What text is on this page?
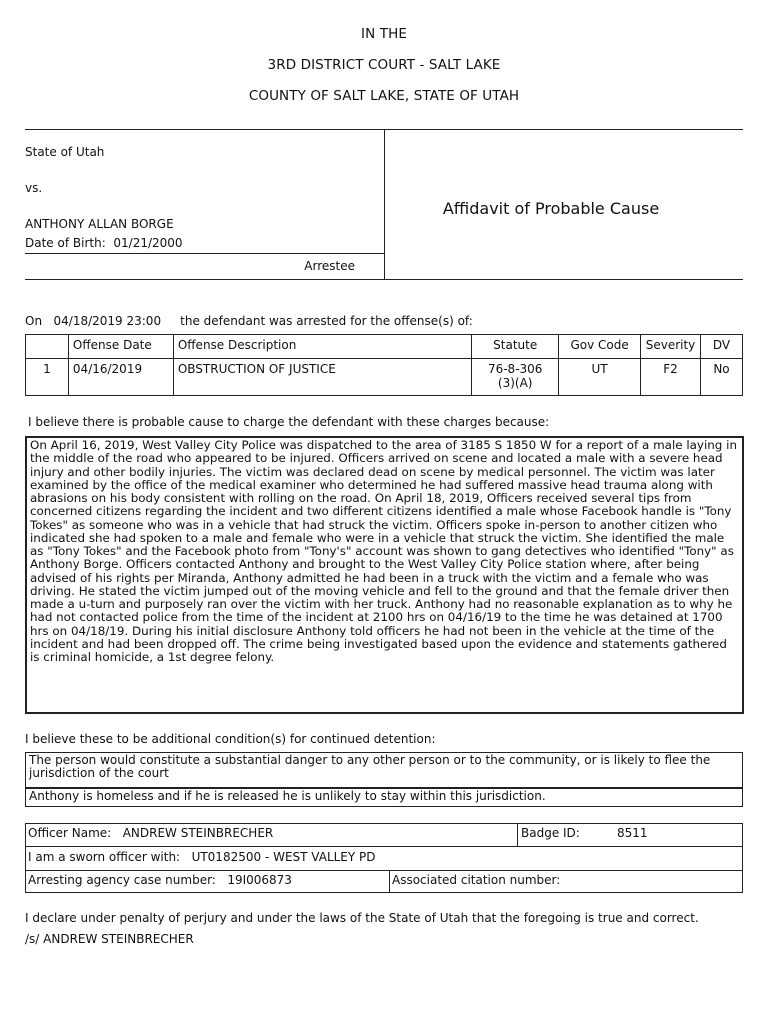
IN THE
3RD DISTRICT COURT - SALT LAKE
COUNTY OF SALT LAKE, STATE OF UTAH
State of Utah
vs.
ANTHONY ALLAN BORGE
Date of Birth: 01/21/2000
Arrestee
Affidavit of Probable Cause
On 04/18/2019 23:00 the defendant was arrested for the offense(s) of:
	Offense Date	Offense Description	Statute	Gov Code	Severity	DV
1	04/16/2019	OBSTRUCTION OF JUSTICE	76-8-306(3)(A)	UT	F2	No
I believe there is probable cause to charge the defendant with these charges because:
On April 16, 2019, West Valley City Police was dispatched to the area of 3185 S 1850 W for a report of a male laying in the middle of the road who appeared to be injured. Officers arrived on scene and located a male with a severe head injury and other bodily injuries. The victim was declared dead on scene by medical personnel. The victim was later examined by the office of the medical examiner who determined he had suffered massive head trauma along with abrasions on his body consistent with rolling on the road. On April 18, 2019, Officers received several tips from concerned citizens regarding the incident and two different citizens identified a male whose Facebook handle is "Tony Tokes" as someone who was in a vehicle that had struck the victim. Officers spoke in-person to another citizen who indicated she had spoken to a male and female who were in a vehicle that struck the victim. She identified the male as "Tony Tokes" and the Facebook photo from "Tony's" account was shown to gang detectives who identified "Tony" as Anthony Borge. Officers contacted Anthony and brought to the West Valley City Police station where, after being advised of his rights per Miranda, Anthony admitted he had been in a truck with the victim and a female who was driving. He stated the victim jumped out of the moving vehicle and fell to the ground and that the female driver then made a u-turn and purposely ran over the victim with her truck. Anthony had no reasonable explanation as to why he had not contacted police from the time of the incident at 2100 hrs on 04/16/19 to the time he was detained at 1700 hrs on 04/18/19. During his initial disclosure Anthony told officers he had not been in the vehicle at the time of the incident and had been dropped off. The crime being investigated based upon the evidence and statements gathered is criminal homicide, a 1st degree felony.
I believe these to be additional condition(s) for continued detention:
The person would constitute a substantial danger to any other person or to the community, or is likely to flee the jurisdiction of the court
Anthony is homeless and if he is released he is unlikely to stay within this jurisdiction.
Officer Name: ANDREW STEINBRECHER	Badge ID:	8511
I am a sworn officer with: UT0182500 - WEST VALLEY PD
Arresting agency case number: 19I006873	Associated citation number:
I declare under penalty of perjury and under the laws of the State of Utah that the foregoing is true and correct.
/s/ ANDREW STEINBRECHER
